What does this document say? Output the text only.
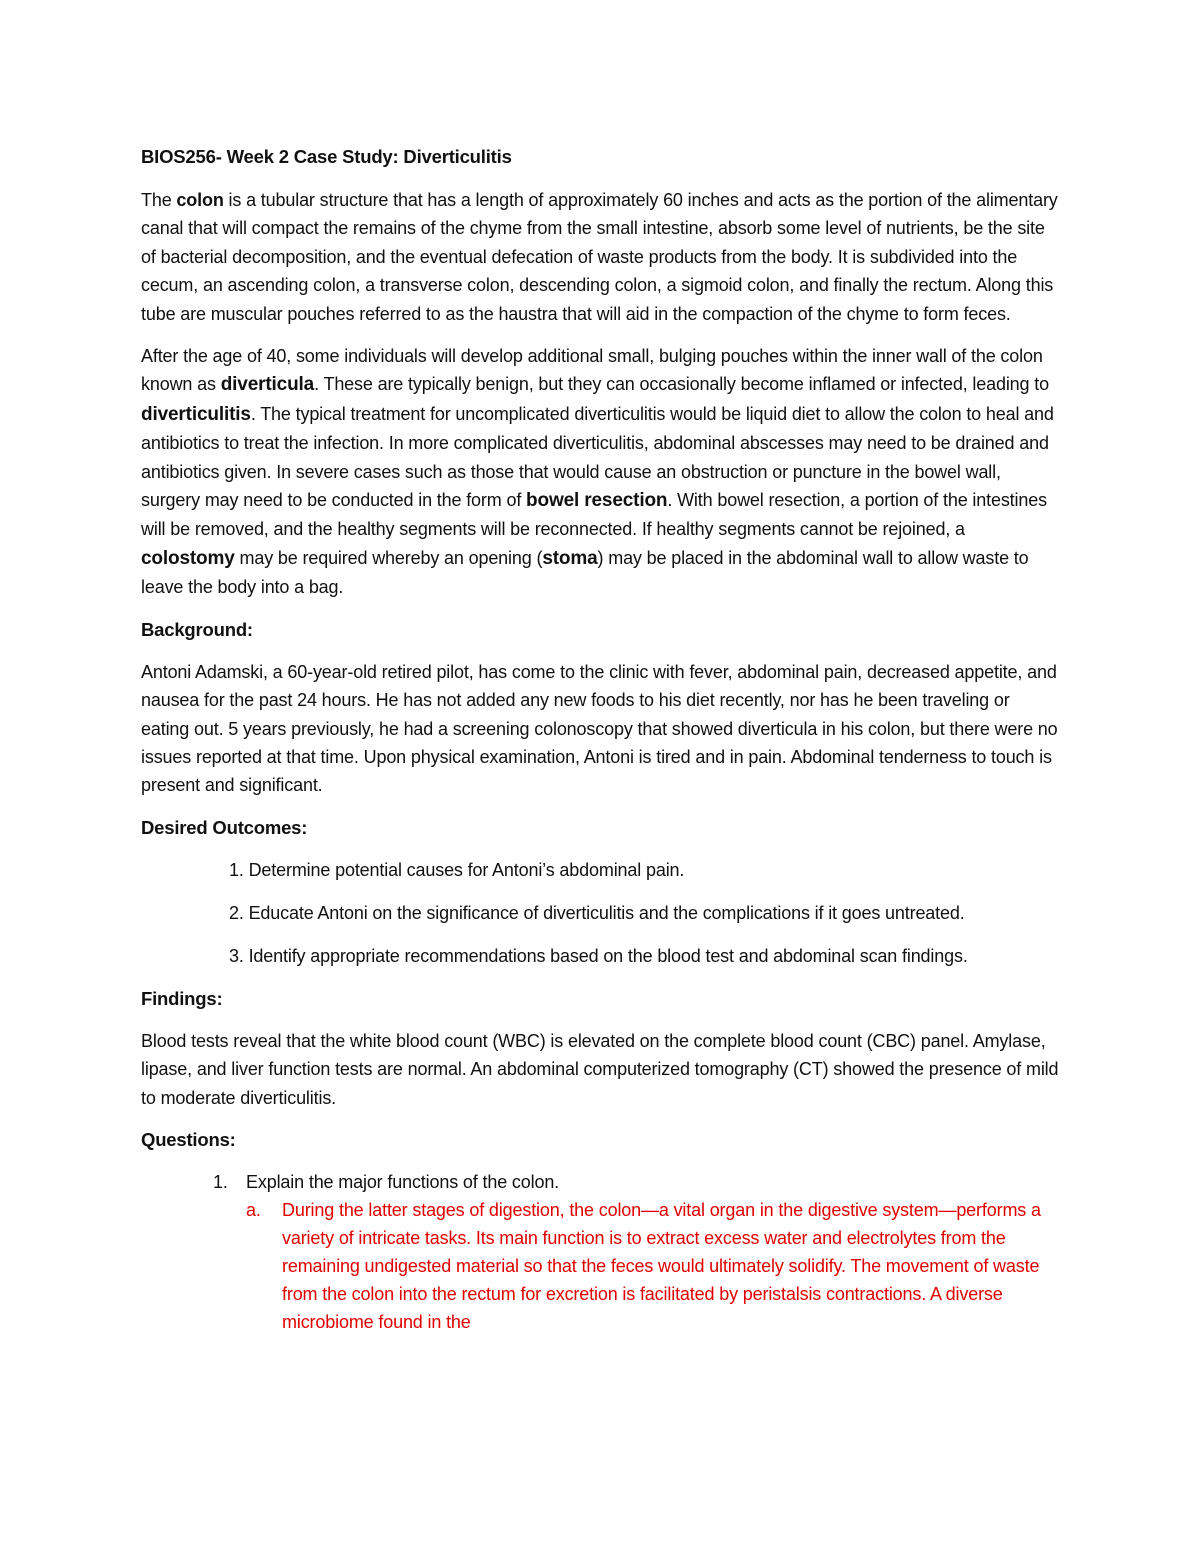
BIOS256- Week 2 Case Study: Diverticulitis

The colon is a tubular structure that has a length of approximately 60 inches and acts as the portion of the alimentary canal that will compact the remains of the chyme from the small intestine, absorb some level of nutrients, be the site of bacterial decomposition, and the eventual defecation of waste products from the body. It is subdivided into the cecum, an ascending colon, a transverse colon, descending colon, a sigmoid colon, and finally the rectum. Along this tube are muscular pouches referred to as the haustra that will aid in the compaction of the chyme to form feces.

After the age of 40, some individuals will develop additional small, bulging pouches within the inner wall of the colon known as diverticula. These are typically benign, but they can occasionally become inflamed or infected, leading to diverticulitis. The typical treatment for uncomplicated diverticulitis would be liquid diet to allow the colon to heal and antibiotics to treat the infection. In more complicated diverticulitis, abdominal abscesses may need to be drained and antibiotics given. In severe cases such as those that would cause an obstruction or puncture in the bowel wall, surgery may need to be conducted in the form of bowel resection. With bowel resection, a portion of the intestines will be removed, and the healthy segments will be reconnected. If healthy segments cannot be rejoined, a colostomy may be required whereby an opening (stoma) may be placed in the abdominal wall to allow waste to leave the body into a bag.

Background:

Antoni Adamski, a 60-year-old retired pilot, has come to the clinic with fever, abdominal pain, decreased appetite, and nausea for the past 24 hours. He has not added any new foods to his diet recently, nor has he been traveling or eating out. 5 years previously, he had a screening colonoscopy that showed diverticula in his colon, but there were no issues reported at that time. Upon physical examination, Antoni is tired and in pain. Abdominal tenderness to touch is present and significant.

Desired Outcomes:
1. Determine potential causes for Antoni’s abdominal pain.
2. Educate Antoni on the significance of diverticulitis and the complications if it goes untreated.
3. Identify appropriate recommendations based on the blood test and abdominal scan findings.
Findings:

Blood tests reveal that the white blood count (WBC) is elevated on the complete blood count (CBC) panel. Amylase, lipase, and liver function tests are normal. An abdominal computerized tomography (CT) showed the presence of mild to moderate diverticulitis.

Questions:
1.	Explain the major functions of the colon.
a.	During the latter stages of digestion, the colon—a vital organ in the digestive system—performs a variety of intricate tasks. Its main function is to extract excess water and electrolytes from the remaining undigested material so that the feces would ultimately solidify. The movement of waste from the colon into the rectum for excretion is facilitated by peristalsis contractions. A diverse microbiome found in the
